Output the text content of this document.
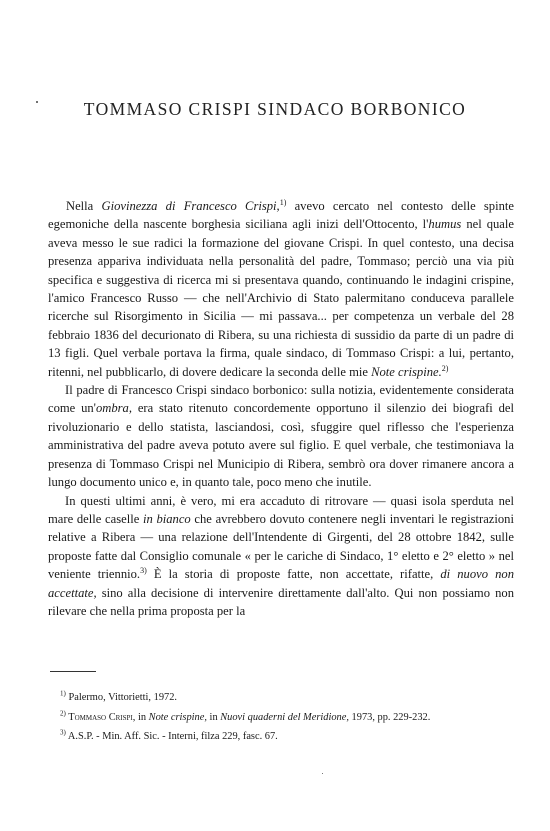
TOMMASO CRISPI SINDACO BORBONICO

Nella Giovinezza di Francesco Crispi,$^{1)}$ avevo cercato nel contesto delle spinte egemoniche della nascente borghesia siciliana agli inizi dell'Ottocento, l'humus nel quale aveva messo le sue radici la formazione del giovane Crispi. In quel contesto, una decisa presenza appariva individuata nella personalità del padre, Tommaso; perciò una via più specifica e suggestiva di ricerca mi si presentava quando, continuando le indagini crispine, l'amico Francesco Russo — che nell'Archivio di Stato palermitano conduceva parallele ricerche sul Risorgimento in Sicilia — mi passava... per competenza un verbale del 28 febbraio 1836 del decurionato di Ribera, su una richiesta di sussidio da parte di un padre di 13 figli. Quel verbale portava la firma, quale sindaco, di Tommaso Crispi: a lui, pertanto, ritenni, nel pubblicarlo, di dovere dedicare la seconda delle mie Note crispine.$^{2)}$

Il padre di Francesco Crispi sindaco borbonico: sulla notizia, evidentemente considerata come un'ombra, era stato ritenuto concordemente opportuno il silenzio dei biografi del rivoluzionario e dello statista, lasciandosi, così, sfuggire quel riflesso che l'esperienza amministrativa del padre aveva potuto avere sul figlio. E quel verbale, che testimoniava la presenza di Tommaso Crispi nel Municipio di Ribera, sembrò ora dover rimanere ancora a lungo documento unico e, in quanto tale, poco meno che inutile.

In questi ultimi anni, è vero, mi era accaduto di ritrovare — quasi isola sperduta nel mare delle caselle in bianco che avrebbero dovuto contenere negli inventari le registrazioni relative a Ribera — una relazione dell'Intendente di Girgenti, del 28 ottobre 1842, sulle proposte fatte dal Consiglio comunale « per le cariche di Sindaco, 1° eletto e 2° eletto » nel veniente triennio.$^{3)}$ È la storia di proposte fatte, non accettate, rifatte, di nuovo non accettate, sino alla decisione di intervenire direttamente dall'alto. Qui non possiamo non rilevare che nella prima proposta per la

$^{1)}$ Palermo, Vittorietti, 1972.

$^{2)}$ Tommaso Crispi, in Note crispine, in Nuovi quaderni del Meridione, 1973, pp. 229-232.

$^{3)}$ A.S.P. - Min. Aff. Sic. - Interni, filza 229, fasc. 67.
